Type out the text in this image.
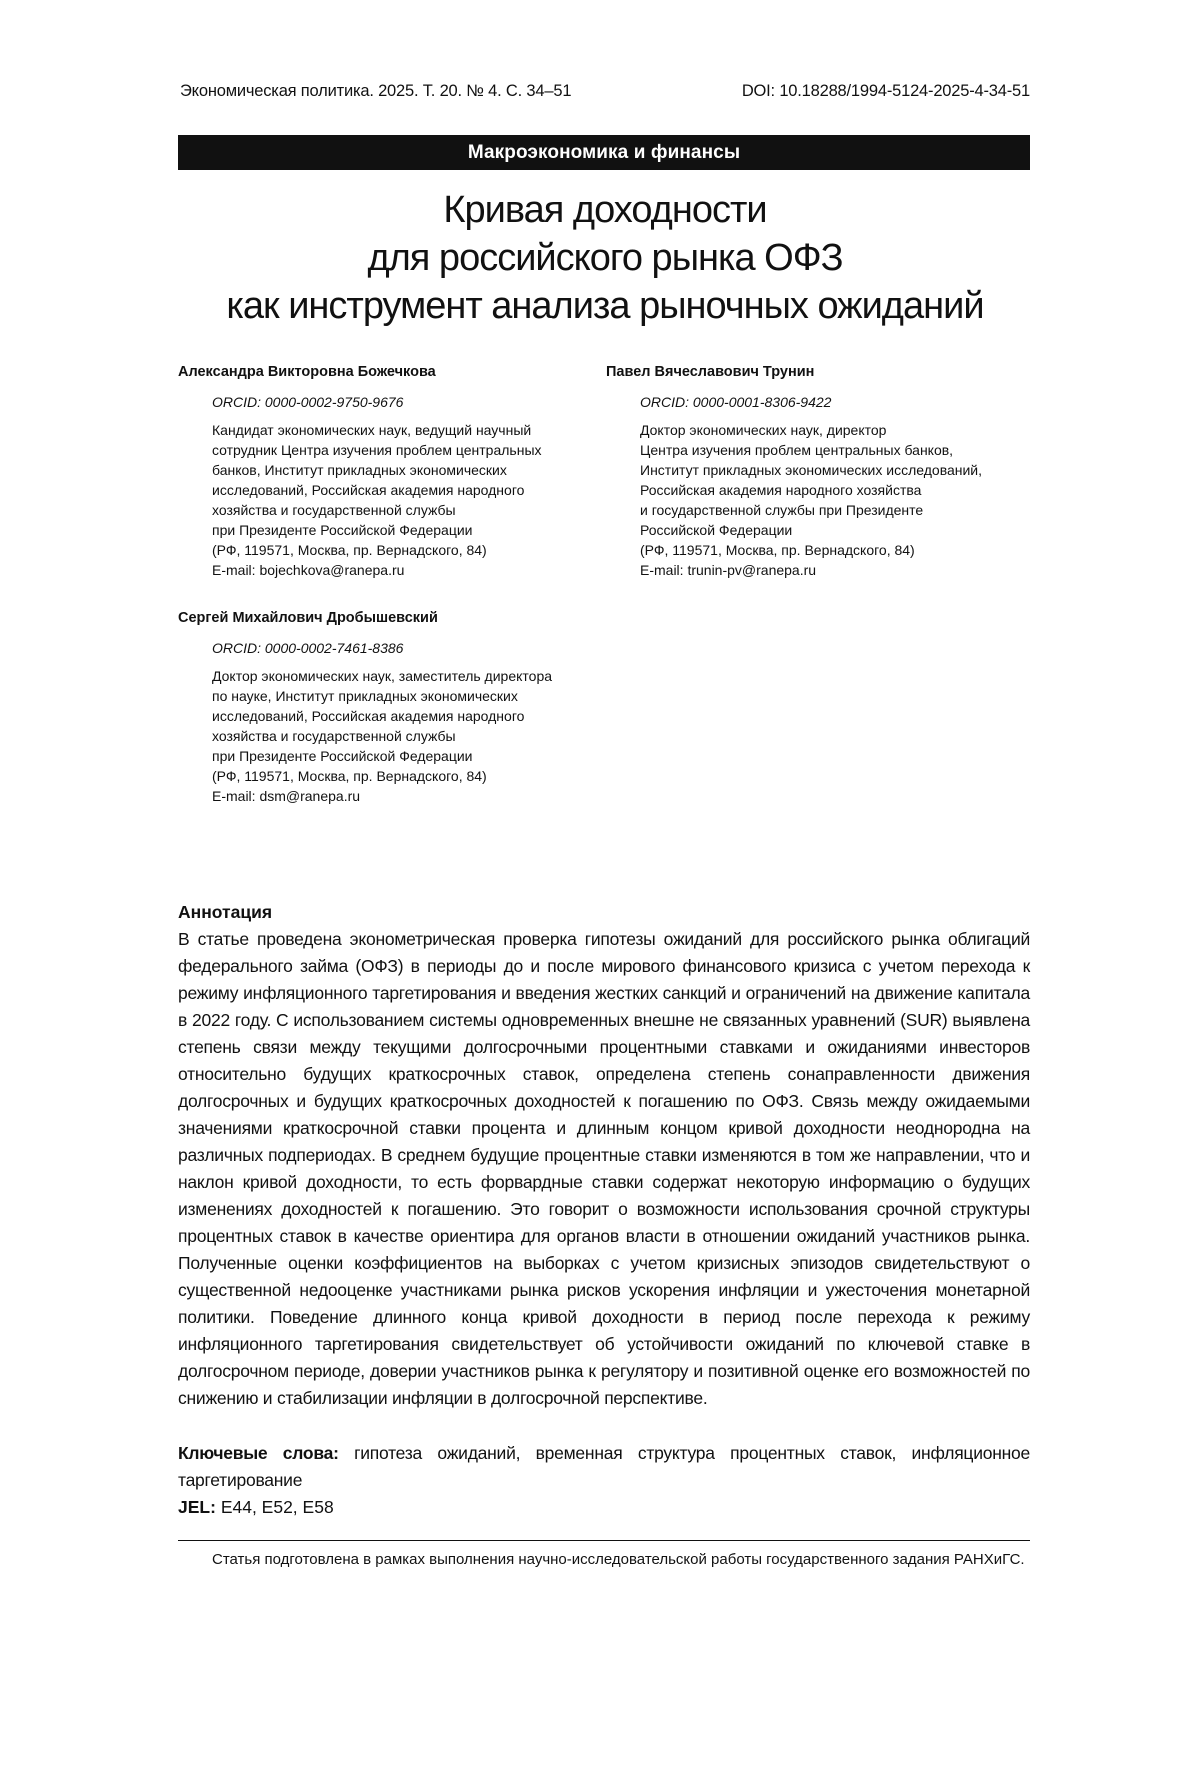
Экономическая политика. 2025. Т. 20. № 4. С. 34–51	DOI: 10.18288/1994-5124-2025-4-34-51
Макроэкономика и финансы
Кривая доходности
для российского рынка ОФЗ
как инструмент анализа рыночных ожиданий
Александра Викторовна Божечкова
ORCID: 0000-0002-9750-9676
Кандидат экономических наук, ведущий научный
сотрудник Центра изучения проблем центральных
банков, Институт прикладных экономических
исследований, Российская академия народного
хозяйства и государственной службы
при Президенте Российской Федерации
(РФ, 119571, Москва, пр. Вернадского, 84)
E-mail: bojechkova@ranepa.ru
Павел Вячеславович Трунин
ORCID: 0000-0001-8306-9422
Доктор экономических наук, директор
Центра изучения проблем центральных банков,
Институт прикладных экономических исследований,
Российская академия народного хозяйства
и государственной службы при Президенте
Российской Федерации
(РФ, 119571, Москва, пр. Вернадского, 84)
E-mail: trunin-pv@ranepa.ru
Сергей Михайлович Дробышевский
ORCID: 0000-0002-7461-8386
Доктор экономических наук, заместитель директора
по науке, Институт прикладных экономических
исследований, Российская академия народного
хозяйства и государственной службы
при Президенте Российской Федерации
(РФ, 119571, Москва, пр. Вернадского, 84)
E-mail: dsm@ranepa.ru
Аннотация

В статье проведена эконометрическая проверка гипотезы ожиданий для российского рынка облигаций федерального займа (ОФЗ) в периоды до и после мирового финансового кризиса с учетом перехода к режиму инфляционного таргетирования и введения жестких санкций и ограничений на движение капитала в 2022 году. С использованием системы одновременных внешне не связанных уравнений (SUR) выявлена степень связи между текущими долгосрочными процентными ставками и ожиданиями инвесторов относительно будущих краткосрочных ставок, определена степень сонаправленности движения долгосрочных и будущих краткосрочных доходностей к погашению по ОФЗ. Связь между ожидаемыми значениями краткосрочной ставки процента и длинным концом кривой доходности неоднородна на различных подпериодах. В среднем будущие процентные ставки изменяются в том же направлении, что и наклон кривой доходности, то есть форвардные ставки содержат некоторую информацию о будущих изменениях доходностей к погашению. Это говорит о возможности использования срочной структуры процентных ставок в качестве ориентира для органов власти в отношении ожиданий участников рынка. Полученные оценки коэффициентов на выборках с учетом кризисных эпизодов свидетельствуют о существенной недооценке участниками рынка рисков ускорения инфляции и ужесточения монетарной политики. Поведение длинного конца кривой доходности в период после перехода к режиму инфляционного таргетирования свидетельствует об устойчивости ожиданий по ключевой ставке в долгосрочном периоде, доверии участников рынка к регулятору и позитивной оценке его возможностей по снижению и стабилизации инфляции в долгосрочной перспективе.

Ключевые слова: гипотеза ожиданий, временная структура процентных ставок, инфляционное таргетирование
JEL: E44, E52, E58
Статья подготовлена в рамках выполнения научно-исследовательской работы государственного задания РАНХиГС.
